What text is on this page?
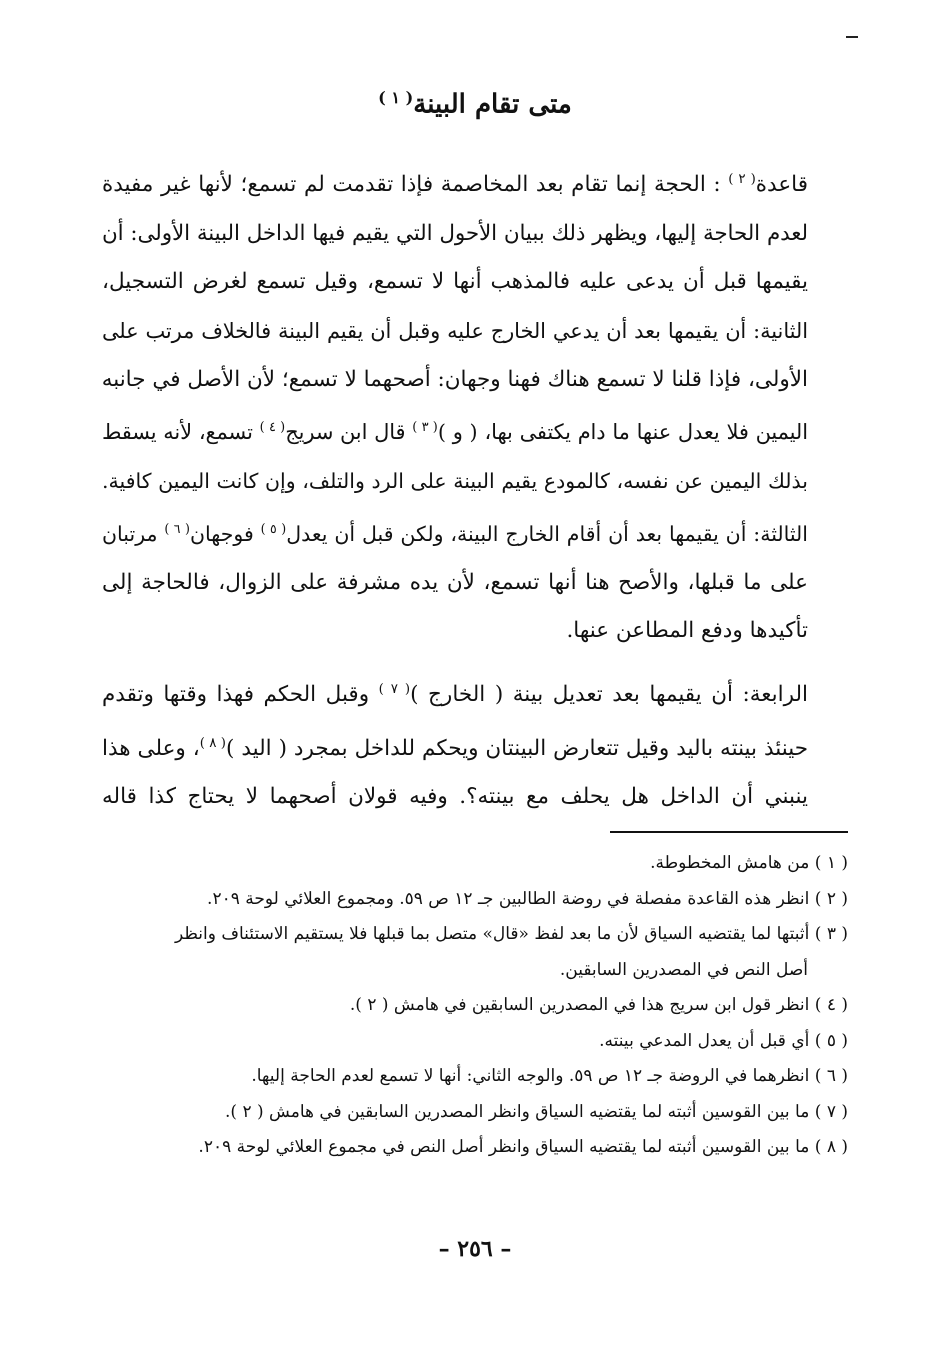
متى تقام البينة$^{( ١ )}$

قاعدة$^{( ٢ )}$ : الحجة إنما تقام بعد المخاصمة فإذا تقدمت لم تسمع؛ لأنها غير مفيدة
لعدم الحاجة إليها، ويظهر ذلك ببيان الأحول التي يقيم فيها الداخل البينة الأولى: أن
يقيمها قبل أن يدعى عليه فالمذهب أنها لا تسمع، وقيل تسمع لغرض التسجيل،
الثانية: أن يقيمها بعد أن يدعي الخارج عليه وقبل أن يقيم البينة فالخلاف مرتب على
الأولى، فإذا قلنا لا تسمع هناك فهنا وجهان: أصحهما لا تسمع؛ لأن الأصل في جانبه
اليمين فلا يعدل عنها ما دام يكتفى بها، ( و )$^{( ٣ )}$ قال ابن سريج$^{( ٤ )}$ تسمع، لأنه يسقط
بذلك اليمين عن نفسه، كالمودع يقيم البينة على الرد والتلف، وإن كانت اليمين كافية.
الثالثة: أن يقيمها بعد أن أقام الخارج البينة، ولكن قبل أن يعدل$^{( ٥ )}$ فوجهان$^{( ٦ )}$ مرتبان
على ما قبلها، والأصح هنا أنها تسمع، لأن يده مشرفة على الزوال، فالحاجة إلى
تأكيدها ودفع المطاعن عنها.

الرابعة: أن يقيمها بعد تعديل بينة ( الخارج )$^{( ٧ )}$ وقبل الحكم فهذا وقتها وتقدم
حينئذ بينته باليد وقيل تتعارض البينتان ويحكم للداخل بمجرد ( اليد )$^{( ٨ )}$، وعلى هذا
ينبني أن الداخل هل يحلف مع بينته؟. وفيه قولان أصحهما لا يحتاج كذا قاله

( ١ ) من هامش المخطوطة.

( ٢ ) انظر هذه القاعدة مفصلة في روضة الطالبين جـ ١٢ ص ٥٩. ومجموع العلائي لوحة ٢٠٩.

( ٣ ) أثبتها لما يقتضيه السياق لأن ما بعد لفظ «قال» متصل بما قبلها فلا يستقيم الاستئناف وانظر

أصل النص في المصدرين السابقين.

( ٤ ) انظر قول ابن سريج هذا في المصدرين السابقين في هامش ( ٢ ).

( ٥ ) أي قبل أن يعدل المدعي بينته.

( ٦ ) انظرهما في الروضة جـ ١٢ ص ٥٩. والوجه الثاني: أنها لا تسمع لعدم الحاجة إليها.

( ٧ ) ما بين القوسين أثبته لما يقتضيه السياق وانظر المصدرين السابقين في هامش ( ٢ ).

( ٨ ) ما بين القوسين أثبته لما يقتضيه السياق وانظر أصل النص في مجموع العلائي لوحة ٢٠٩.

– ٢٥٦ –
